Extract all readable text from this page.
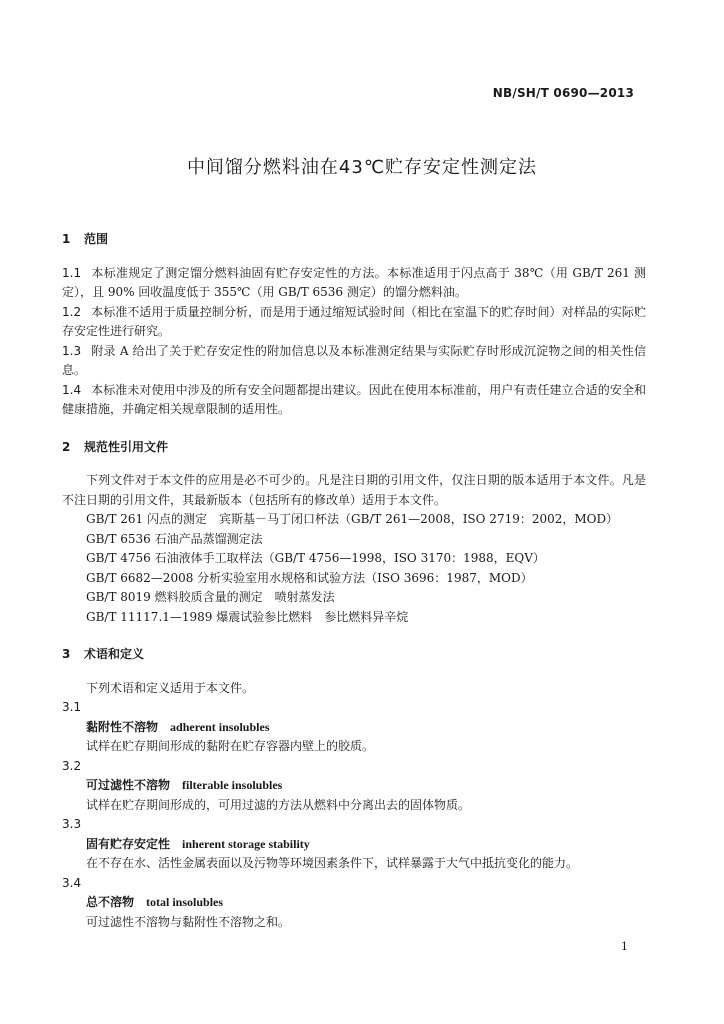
NB/SH/T 0690—2013
中间馏分燃料油在43℃贮存安定性测定法

1 范围

1.1 本标准规定了测定馏分燃料油固有贮存安定性的方法。本标准适用于闪点高于 38℃（用 GB/T 261 测定），且 90% 回收温度低于 355℃（用 GB/T 6536 测定）的馏分燃料油。

1.2 本标准不适用于质量控制分析，而是用于通过缩短试验时间（相比在室温下的贮存时间）对样品的实际贮存安定性进行研究。

1.3 附录 A 给出了关于贮存安定性的附加信息以及本标准测定结果与实际贮存时形成沉淀物之间的相关性信息。

1.4 本标准未对使用中涉及的所有安全问题都提出建议。因此在使用本标准前，用户有责任建立合适的安全和健康措施，并确定相关规章限制的适用性。

2 规范性引用文件

下列文件对于本文件的应用是必不可少的。凡是注日期的引用文件，仅注日期的版本适用于本文件。凡是不注日期的引用文件，其最新版本（包括所有的修改单）适用于本文件。

GB/T 261 闪点的测定　宾斯基－马丁闭口杯法（GB/T 261—2008，ISO 2719：2002，MOD）

GB/T 6536 石油产品蒸馏测定法

GB/T 4756 石油液体手工取样法（GB/T 4756—1998，ISO 3170：1988，EQV）

GB/T 6682—2008 分析实验室用水规格和试验方法（ISO 3696：1987，MOD）

GB/T 8019 燃料胶质含量的测定　喷射蒸发法

GB/T 11117.1—1989 爆震试验参比燃料　参比燃料异辛烷

3 术语和定义

下列术语和定义适用于本文件。

3.1

黏附性不溶物 adherent insolubles

试样在贮存期间形成的黏附在贮存容器内壁上的胶质。

3.2

可过滤性不溶物 filterable insolubles

试样在贮存期间形成的，可用过滤的方法从燃料中分离出去的固体物质。

3.3

固有贮存安定性 inherent storage stability

在不存在水、活性金属表面以及污物等环境因素条件下，试样暴露于大气中抵抗变化的能力。

3.4

总不溶物 total insolubles

可过滤性不溶物与黏附性不溶物之和。

1
